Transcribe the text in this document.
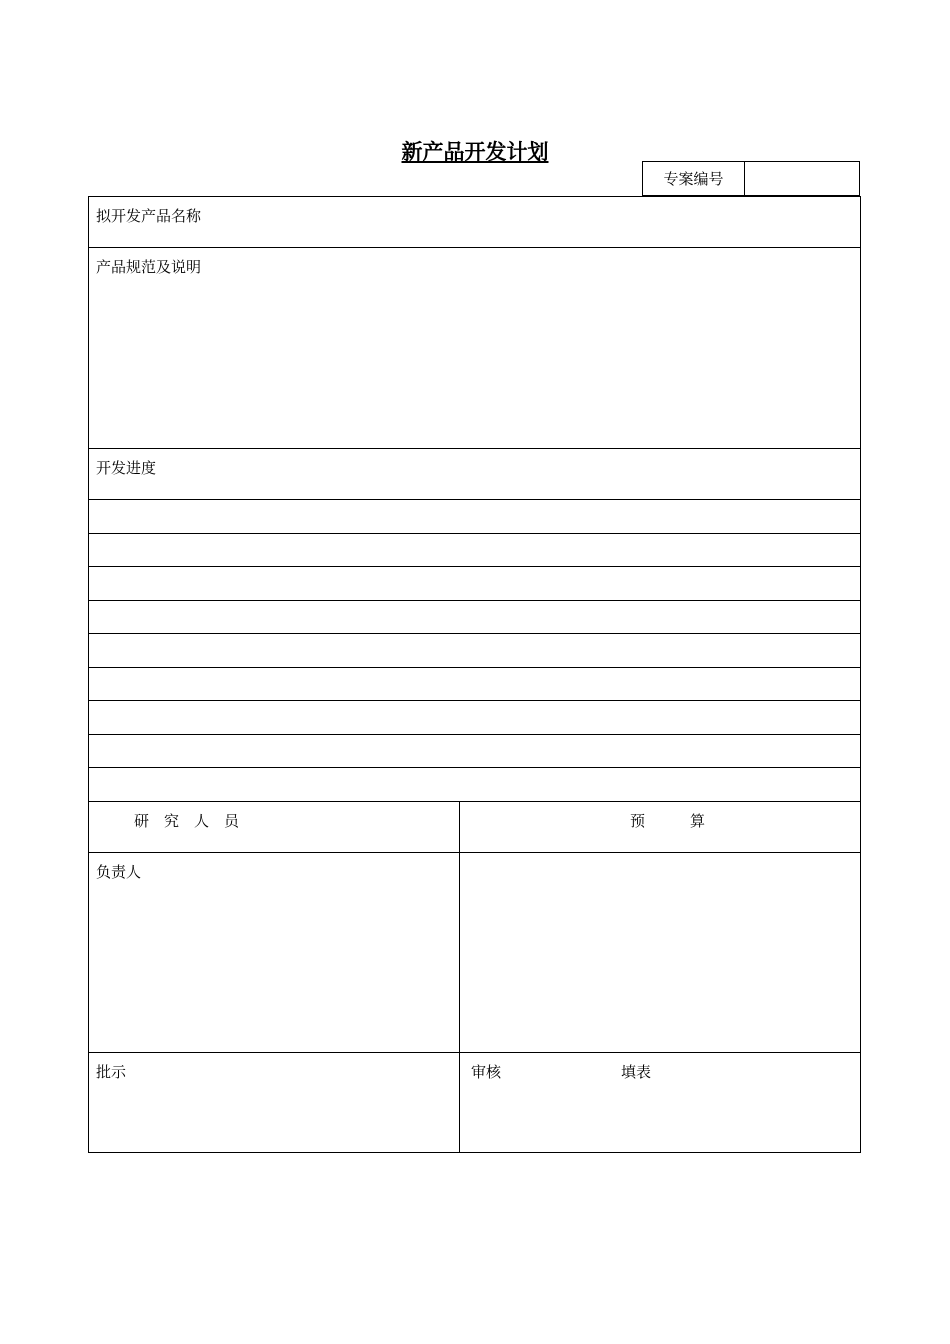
新产品开发计划
专案编号
拟开发产品名称
产品规范及说明
开发进度
研　究　人　员	预　　　算
负责人
批示	审核	填表
